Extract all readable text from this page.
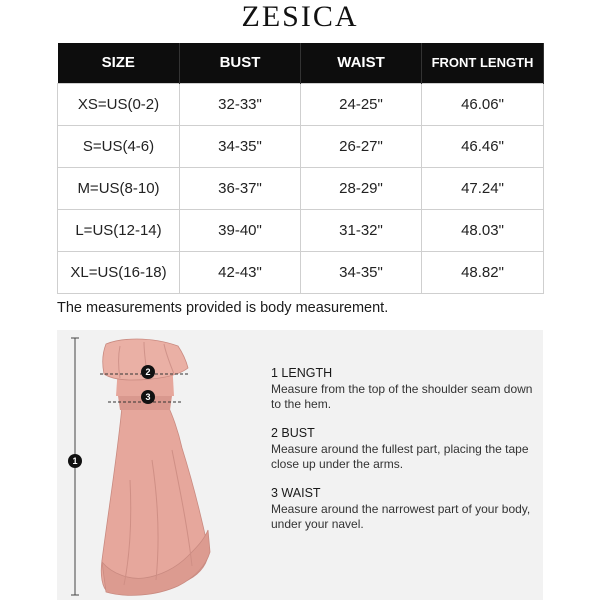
ZESICA
SIZE	BUST	WAIST	FRONT LENGTH
XS=US(0-2)	32-33"	24-25"	46.06"
S=US(4-6)	34-35"	26-27"	46.46"
M=US(8-10)	36-37"	28-29"	47.24"
L=US(12-14)	39-40"	31-32"	48.03"
XL=US(16-18)	42-43"	34-35"	48.82"
The measurements provided is body measurement.
1
2
3
1 LENGTH
Measure from the top of the shoulder seam down to the hem.
2 BUST
Measure around the fullest part, placing the tape close up under the arms.
3 WAIST
Measure around the narrowest part of your body, under your navel.
